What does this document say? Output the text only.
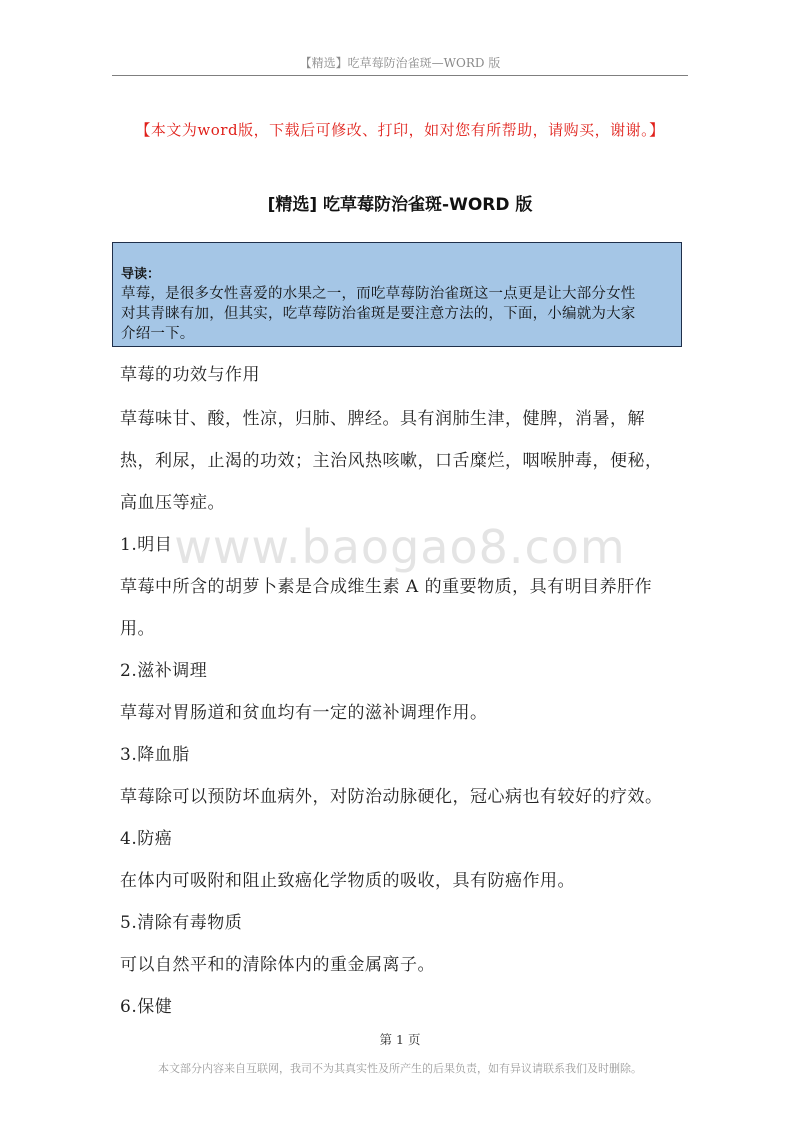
【精选】吃草莓防治雀斑—WORD 版
【本文为word版，下载后可修改、打印，如对您有所帮助，请购买，谢谢。】
[精选] 吃草莓防治雀斑-WORD 版
导读：
草莓，是很多女性喜爱的水果之一，而吃草莓防治雀斑这一点更是让大部分女性
对其青睐有加，但其实，吃草莓防治雀斑是要注意方法的，下面，小编就为大家
介绍一下。
www.baogao8.com
草莓的功效与作用
草莓味甘、酸，性凉，归肺、脾经。具有润肺生津，健脾，消暑，解
热，利尿，止渴的功效；主治风热咳嗽，口舌糜烂，咽喉肿毒，便秘，
高血压等症。
1.明目
草莓中所含的胡萝卜素是合成维生素 A 的重要物质，具有明目养肝作
用。
2.滋补调理
草莓对胃肠道和贫血均有一定的滋补调理作用。
3.降血脂
草莓除可以预防坏血病外，对防治动脉硬化，冠心病也有较好的疗效。
4.防癌
在体内可吸附和阻止致癌化学物质的吸收，具有防癌作用。
5.清除有毒物质
可以自然平和的清除体内的重金属离子。
6.保健
第 1 页
本文部分内容来自互联网，我司不为其真实性及所产生的后果负责，如有异议请联系我们及时删除。
